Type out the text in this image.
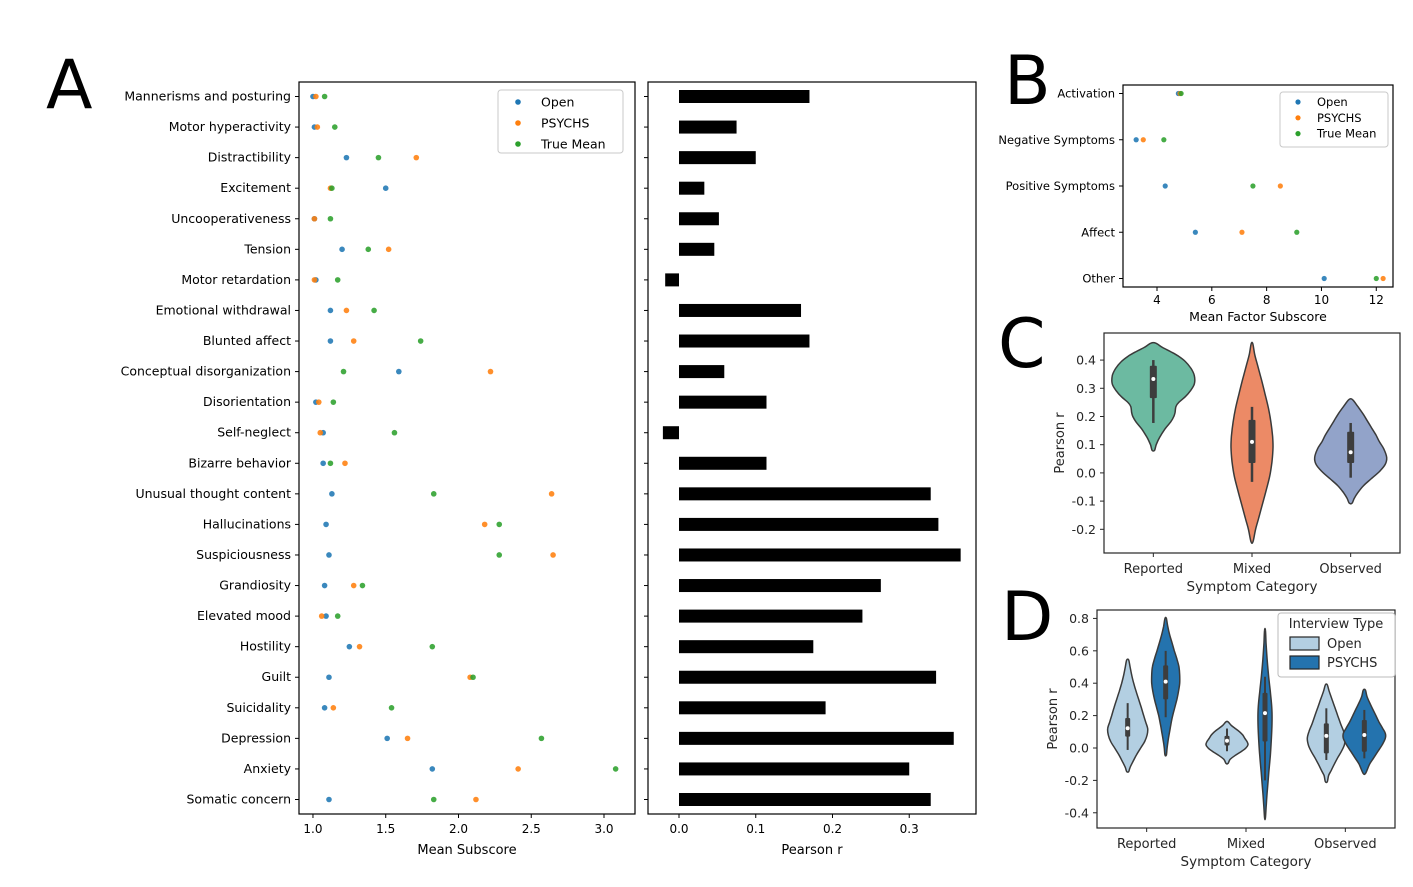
A	B
C
D
Mannerisms and posturing
Motor hyperactivity
Distractibility
Excitement
Uncooperativeness
Tension
Motor retardation
Emotional withdrawal
Blunted affect
Conceptual disorganization
Disorientation
Self-neglect
Bizarre behavior
Unusual thought content
Hallucinations
Suspiciousness
Grandiosity
Elevated mood
Hostility
Guilt
Suicidality
Depression
Anxiety
Somatic concern
1.0	1.5	2.0	2.5	3.0
Mean Subscore
Open
PSYCHS
True Mean
0.0	0.1	0.2	0.3
Pearson r
Activation
Negative Symptoms
Positive Symptoms
Affect
Other
4	6	8	10	12
Mean Factor Subscore
Open
PSYCHS
True Mean
-0.2
-0.1
0.0
0.1
0.2
0.3
0.4
Pearson r
Reported	Mixed	Observed
Symptom Category
-0.4
-0.2
0.0
0.2
0.4
0.6
0.8
Pearson r
Reported	Mixed	Observed
Symptom Category
Interview Type
Open
PSYCHS
